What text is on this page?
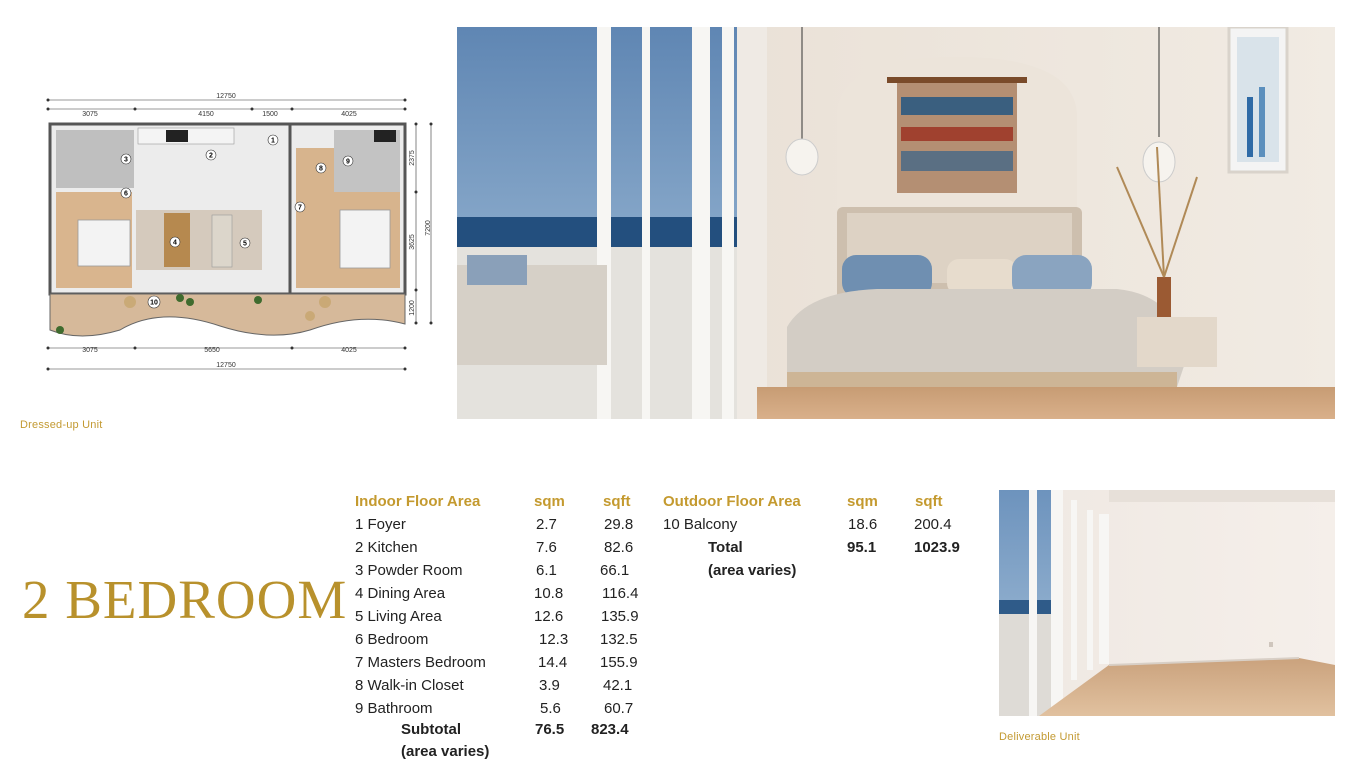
1
2
3
4	5
6
7
8
9
10
12750
3075	4150	1500	4025
3075	5650	4025
12750
2375
3625
1200
7200
Dressed-up Unit
2 BEDROOM
Indoor Floor Area	sqm	sqft
1 Foyer	2.7	29.8
2 Kitchen	7.6	82.6
3 Powder Room	6.1	66.1
4 Dining Area	10.8	116.4
5 Living Area	12.6	135.9
6 Bedroom	12.3 132.5
7 Masters Bedroom	14.4 155.9
8 Walk-in Closet	3.9	42.1
9 Bathroom	5.6	60.7
Subtotal	76.5 823.4
(area varies)
Outdoor Floor Area	sqm sqft
10 Balcony	18.6 200.4
Total	95.1	1023.9
(area varies)
Deliverable Unit
